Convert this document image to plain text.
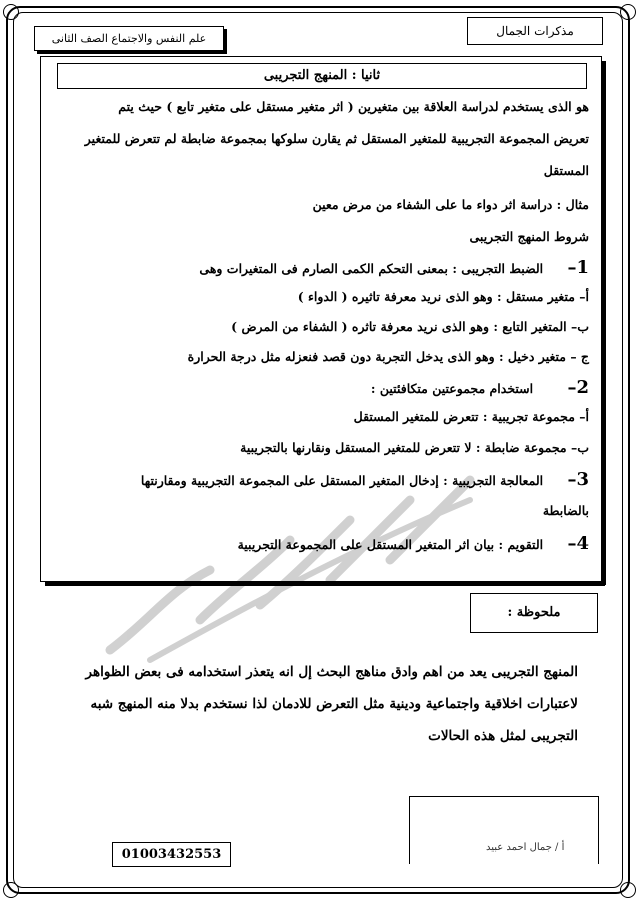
علم النفس والاجتماع الصف الثانى
مذكرات الجمال
ثانيا : المنهج التجريبى
هو الذى يستخدم لدراسة العلاقة بين متغيرين ( اثر متغير مستقل على متغير تابع ) حيث يتم
تعريض المجموعة التجريبية للمتغير المستقل ثم يقارن سلوكها بمجموعة ضابطة لم تتعرض للمتغير
المستقل
مثال : دراسة اثر دواء ما على الشفاء من مرض معين
شروط المنهج التجريبى
1– الضبط التجريبى : بمعنى التحكم الكمى الصارم فى المتغيرات وهى
أ– متغير مستقل : وهو الذى نريد معرفة تاثيره ( الدواء )
ب– المتغير التابع : وهو الذى نريد معرفة تاثره ( الشفاء من المرض )
ج – متغير دخيل : وهو الذى يدخل التجربة دون قصد فنعزله مثل درجة الحرارة
2– استخدام مجموعتين متكافئتين :
أ– مجموعة تجريبية : تتعرض للمتغير المستقل
ب– مجموعة ضابطة : لا تتعرض للمتغير المستقل ونقارنها بالتجريبية
3– المعالجة التجريبية : إدخال المتغير المستقل على المجموعة التجريبية ومقارنتها
بالضابطة
4– التقويم : بيان اثر المتغير المستقل على المجموعة التجريبية
ملحوظة :
المنهج التجريبى يعد من اهم وادق مناهج البحث إل انه يتعذر استخدامه فى بعض الظواهر
لاعتبارات اخلاقية واجتماعية ودينية مثل التعرض للادمان لذا نستخدم بدلا منه المنهج شبه
التجريبى لمثل هذه الحالات
أ / جمال احمد عبيد
01003432553
